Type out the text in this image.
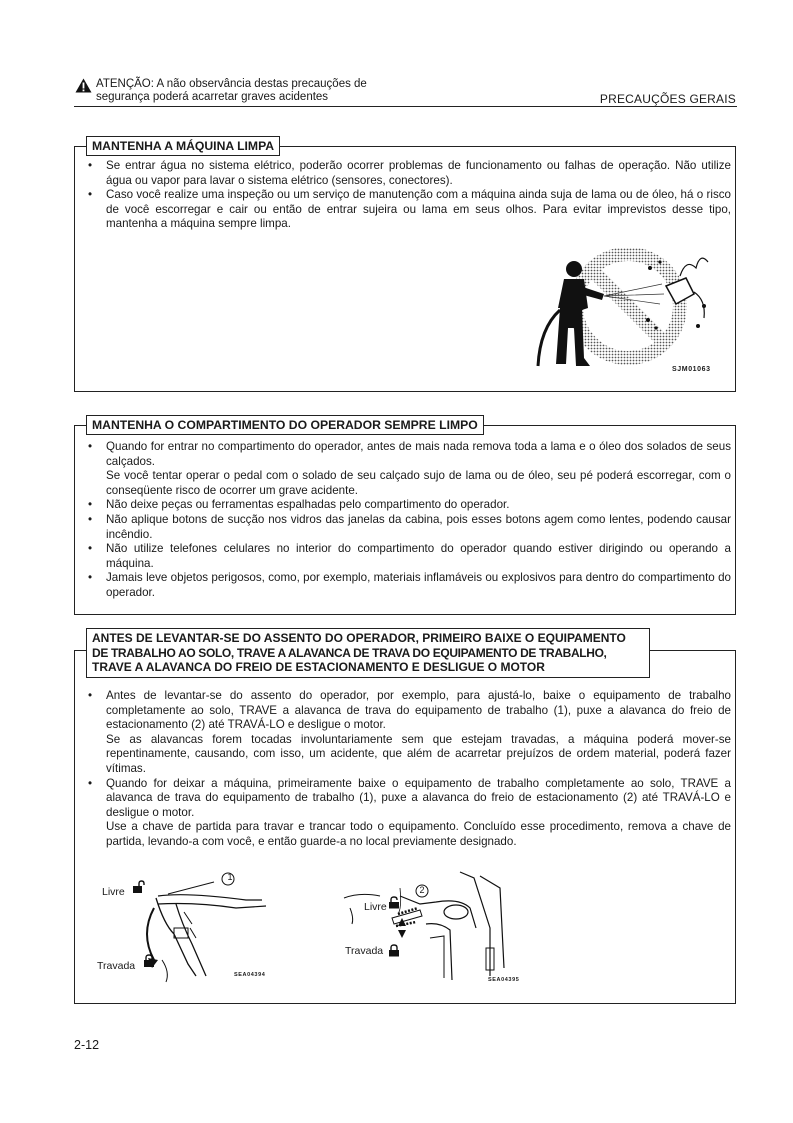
ATENÇÃO: A não observância destas precauções de
segurança poderá acarretar graves acidentes	PRECAUÇÕES GERAIS
MANTENHA A MÁQUINA LIMPA

• Se entrar água no sistema elétrico, poderão ocorrer problemas de funcionamento ou falhas de operação. Não utilize água ou vapor para lavar o sistema elétrico (sensores, conectores).

• Caso você realize uma inspeção ou um serviço de manutenção com a máquina ainda suja de lama ou de óleo, há o risco de você escorregar e cair ou então de entrar sujeira ou lama em seus olhos. Para evitar imprevistos desse tipo, mantenha a máquina sempre limpa.

SJM01063
MANTENHA O COMPARTIMENTO DO OPERADOR SEMPRE LIMPO

• Quando for entrar no compartimento do operador, antes de mais nada remova toda a lama e o óleo dos solados de seus calçados.

Se você tentar operar o pedal com o solado de seu calçado sujo de lama ou de óleo, seu pé poderá escorregar, com o conseqüente risco de ocorrer um grave acidente.

• Não deixe peças ou ferramentas espalhadas pelo compartimento do operador.

• Não aplique botons de sucção nos vidros das janelas da cabina, pois esses botons agem como lentes, podendo causar incêndio.

• Não utilize telefones celulares no interior do compartimento do operador quando estiver dirigindo ou operando a máquina.

• Jamais leve objetos perigosos, como, por exemplo, materiais inflamáveis ou explosivos para dentro do compartimento do operador.

ANTES DE LEVANTAR-SE DO ASSENTO DO OPERADOR, PRIMEIRO BAIXE O EQUIPAMENTO
DE TRABALHO AO SOLO, TRAVE A ALAVANCA DE TRAVA DO EQUIPAMENTO DE TRABALHO,
TRAVE A ALAVANCA DO FREIO DE ESTACIONAMENTO E DESLIGUE O MOTOR

• Antes de levantar-se do assento do operador, por exemplo, para ajustá-lo, baixe o equipamento de trabalho completamente ao solo, TRAVE a alavanca de trava do equipamento de trabalho (1), puxe a alavanca do freio de estacionamento (2) até TRAVÁ-LO e desligue o motor.

Se as alavancas forem tocadas involuntariamente sem que estejam travadas, a máquina poderá mover-se repentinamente, causando, com isso, um acidente, que além de acarretar prejuízos de ordem material, poderá fazer vítimas.

• Quando for deixar a máquina, primeiramente baixe o equipamento de trabalho completamente ao solo, TRAVE a alavanca de trava do equipamento de trabalho (1), puxe a alavanca do freio de estacionamento (2) até TRAVÁ-LO e desligue o motor.

Use a chave de partida para travar e trancar todo o equipamento. Concluído esse procedimento, remova a chave de partida, levando-a com você, e então guarde-a no local previamente designado.

1
Livre
Travada
SEA04394
2
Livre
Travada
SEA04395
2-12
